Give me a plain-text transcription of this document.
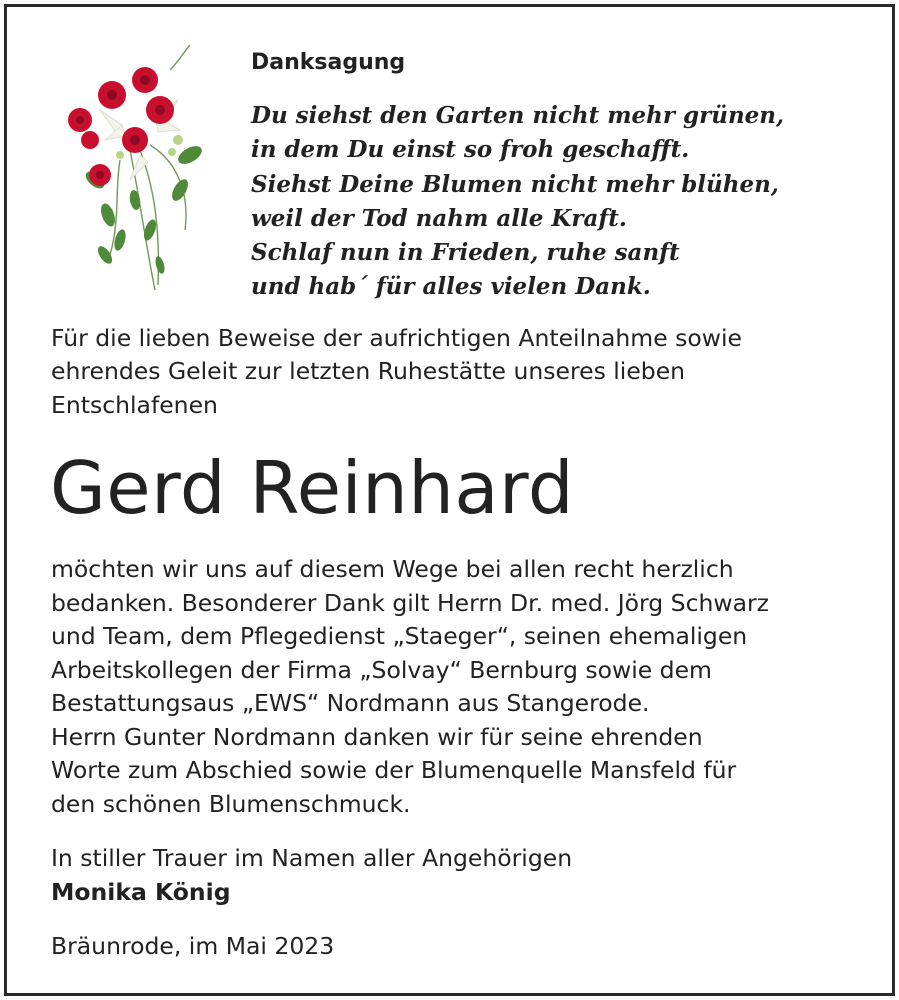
Danksagung
Du siehst den Garten nicht mehr grünen,
in dem Du einst so froh geschafft.
Siehst Deine Blumen nicht mehr blühen,
weil der Tod nahm alle Kraft.
Schlaf nun in Frieden, ruhe sanft
und hab´ für alles vielen Dank.
Für die lieben Beweise der aufrichtigen Anteilnahme sowie
ehrendes Geleit zur letzten Ruhestätte unseres lieben
Entschlafenen
Gerd Reinhard
möchten wir uns auf diesem Wege bei allen recht herzlich
bedanken. Besonderer Dank gilt Herrn Dr. med. Jörg Schwarz
und Team, dem Pflegedienst „Staeger“, seinen ehemaligen
Arbeitskollegen der Firma „Solvay“ Bernburg sowie dem
Bestattungsaus „EWS“ Nordmann aus Stangerode.
Herrn Gunter Nordmann danken wir für seine ehrenden
Worte zum Abschied sowie der Blumenquelle Mansfeld für
den schönen Blumenschmuck.
In stiller Trauer im Namen aller Angehörigen
Monika König
Bräunrode, im Mai 2023
